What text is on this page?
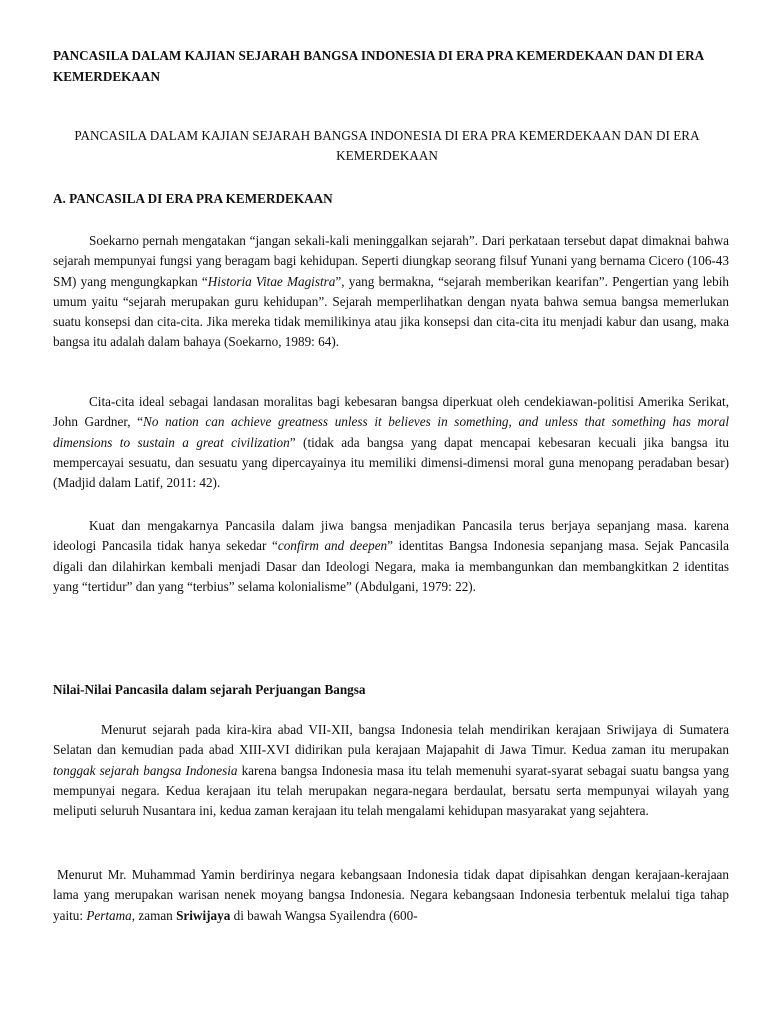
PANCASILA DALAM KAJIAN SEJARAH BANGSA INDONESIA DI ERA PRA KEMERDEKAAN DAN DI ERA KEMERDEKAAN

PANCASILA DALAM KAJIAN SEJARAH BANGSA INDONESIA DI ERA PRA KEMERDEKAAN DAN DI ERA KEMERDEKAAN

A. PANCASILA DI ERA PRA KEMERDEKAAN

Soekarno pernah mengatakan “jangan sekali-kali meninggalkan sejarah”. Dari perkataan tersebut dapat dimaknai bahwa sejarah mempunyai fungsi yang beragam bagi kehidupan. Seperti diungkap seorang filsuf Yunani yang bernama Cicero (106-43 SM) yang mengungkapkan “Historia Vitae Magistra”, yang bermakna, “sejarah memberikan kearifan”. Pengertian yang lebih umum yaitu “sejarah merupakan guru kehidupan”. Sejarah memperlihatkan dengan nyata bahwa semua bangsa memerlukan suatu konsepsi dan cita-cita. Jika mereka tidak memilikinya atau jika konsepsi dan cita-cita itu menjadi kabur dan usang, maka bangsa itu adalah dalam bahaya (Soekarno, 1989: 64).

Cita-cita ideal sebagai landasan moralitas bagi kebesaran bangsa diperkuat oleh cendekiawan-politisi Amerika Serikat, John Gardner, “No nation can achieve greatness unless it believes in something, and unless that something has moral dimensions to sustain a great civilization” (tidak ada bangsa yang dapat mencapai kebesaran kecuali jika bangsa itu mempercayai sesuatu, dan sesuatu yang dipercayainya itu memiliki dimensi-dimensi moral guna menopang peradaban besar) (Madjid dalam Latif, 2011: 42).

Kuat dan mengakarnya Pancasila dalam jiwa bangsa menjadikan Pancasila terus berjaya sepanjang masa. karena ideologi Pancasila tidak hanya sekedar “confirm and deepen” identitas Bangsa Indonesia sepanjang masa. Sejak Pancasila digali dan dilahirkan kembali menjadi Dasar dan Ideologi Negara, maka ia membangunkan dan membangkitkan 2 identitas yang “tertidur” dan yang “terbius” selama kolonialisme” (Abdulgani, 1979: 22).

Nilai-Nilai Pancasila dalam sejarah Perjuangan Bangsa

Menurut sejarah pada kira-kira abad VII-XII, bangsa Indonesia telah mendirikan kerajaan Sriwijaya di Sumatera Selatan dan kemudian pada abad XIII-XVI didirikan pula kerajaan Majapahit di Jawa Timur. Kedua zaman itu merupakan tonggak sejarah bangsa Indonesia karena bangsa Indonesia masa itu telah memenuhi syarat-syarat sebagai suatu bangsa yang mempunyai negara. Kedua kerajaan itu telah merupakan negara-negara berdaulat, bersatu serta mempunyai wilayah yang meliputi seluruh Nusantara ini, kedua zaman kerajaan itu telah mengalami kehidupan masyarakat yang sejahtera.

Menurut Mr. Muhammad Yamin berdirinya negara kebangsaan Indonesia tidak dapat dipisahkan dengan kerajaan-kerajaan lama yang merupakan warisan nenek moyang bangsa Indonesia. Negara kebangsaan Indonesia terbentuk melalui tiga tahap yaitu: Pertama, zaman Sriwijaya di bawah Wangsa Syailendra (600-
